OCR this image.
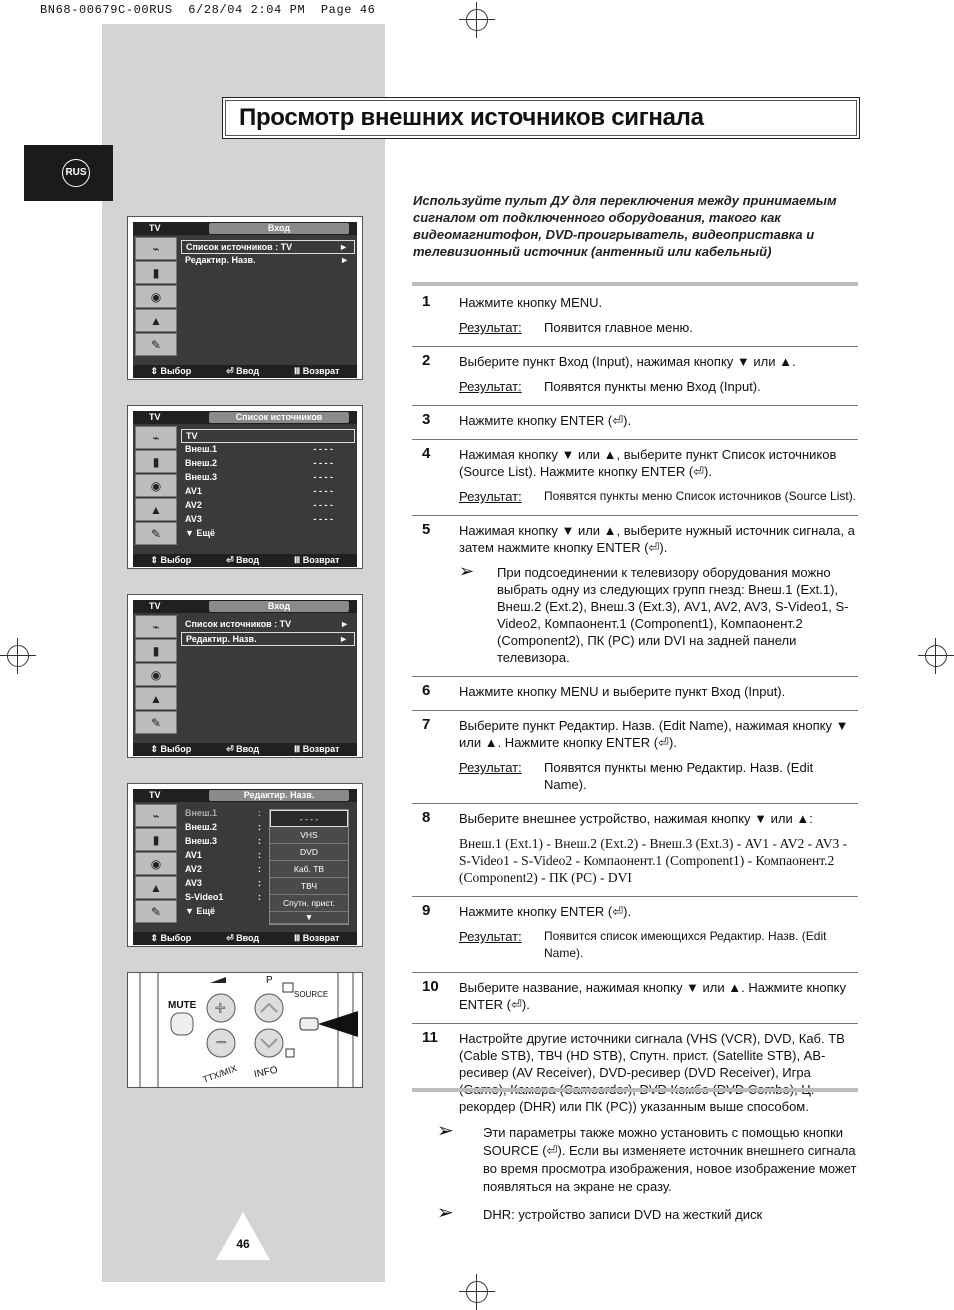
BN68-00679C-00RUS  6/28/04 2:04 PM  Page 46
Просмотр внешних источников сигнала
RUS
Используйте пульт ДУ для переключения между принимаемым сигналом от подключенного оборудования, такого как видеомагнитофон, DVD-проигрыватель, видеоприставка и телевизионный источник (антенный или кабельный)
1 Нажмите кнопку MENU.

Результат:	Появится главное меню.

2 Выберите пункт Вход (Input), нажимая кнопку ▼ или ▲.

Результат:	Появятся пункты меню Вход (Input).

3 Нажмите кнопку ENTER (⏎).

4 Нажимая кнопку ▼ или ▲, выберите пункт Список источников (Source List). Нажмите кнопку ENTER (⏎).

Результат:	Появятся пункты меню Список источников (Source List).

5 Нажимая кнопку ▼ или ▲, выберите нужный источник сигнала, а затем нажмите кнопку ENTER (⏎).

➢ При подсоединении к телевизору оборудования можно выбрать одну из следующих групп гнезд: Внеш.1 (Ext.1), Внеш.2 (Ext.2), Внеш.3 (Ext.3), AV1, AV2, AV3, S-Video1, S-Video2, Компаонент.1 (Component1), Компаонент.2 (Component2), ПК (PC) или DVI на задней панели телевизора.

6 Нажмите кнопку MENU и выберите пункт Вход (Input).

7 Выберите пункт Редактир. Назв. (Edit Name), нажимая кнопку ▼ или ▲. Нажмите кнопку ENTER (⏎).

Результат:	Появятся пункты меню Редактир. Назв. (Edit Name).

8 Выберите внешнее устройство, нажимая кнопку ▼ или ▲:

Внеш.1 (Ext.1) - Внеш.2 (Ext.2) - Внеш.3 (Ext.3) - AV1 - AV2 - AV3 - S-Video1 - S-Video2 - Компаонент.1 (Component1) - Компаонент.2 (Component2) - ПК (PC) - DVI

9 Нажмите кнопку ENTER (⏎).

Результат:	Появится список имеющихся Редактир. Назв. (Edit Name).

10 Выберите название, нажимая кнопку ▼ или ▲. Нажмите кнопку ENTER (⏎).

11 Настройте другие источники сигнала (VHS (VCR), DVD, Каб. ТВ (Cable STB), ТВЧ (HD STB), Спутн. прист. (Satellite STB), AB-ресивер (AV Receiver), DVD-ресивер (DVD Receiver), Игра рекордер (DHR) или ПК (PC)) указанным выше способом.

➢ Эти параметры также можно установить с помощью кнопки SOURCE (⏎). Если вы изменяете источник внешнего сигнала во время просмотра изображения, новое изображение может появляться на экране не сразу.
➢ DHR: устройство записи DVD на жесткий диск
46
TV	Вход
⌁
▮
◉
▲
✎
Список источников : TV	►
Редактир. Назв.	►
⇕ Выбор	⏎ Ввод	Ⅲ Возврат
TV	Список источников
⌁
▮
◉
▲
✎
TV
Внеш.1	- - - -
Внеш.2	- - - -
Внеш.3	- - - -
AV1	- - - -
AV2	- - - -
AV3	- - - -
▼ Ещё
⇕ Выбор	⏎ Ввод	Ⅲ Возврат
TV	Вход
⌁
▮
◉
▲
✎
Список источников : TV	►
Редактир. Назв.	►
⇕ Выбор	⏎ Ввод	Ⅲ Возврат
TV	Редактир. Назв.
⌁
▮
◉
▲
✎
Внеш.1	:
Внеш.2	:
Внеш.3	:
AV1	:
AV2	:
AV3	:
S-Video1	:
▼ Ещё
- - - -
VHS
DVD
Каб. ТВ
ТВЧ
Спутн. прист.
▼
⇕ Выбор	⏎ Ввод	Ⅲ Возврат
+
−
MUTE
P
SOURCE
TTX/MIX INFO
